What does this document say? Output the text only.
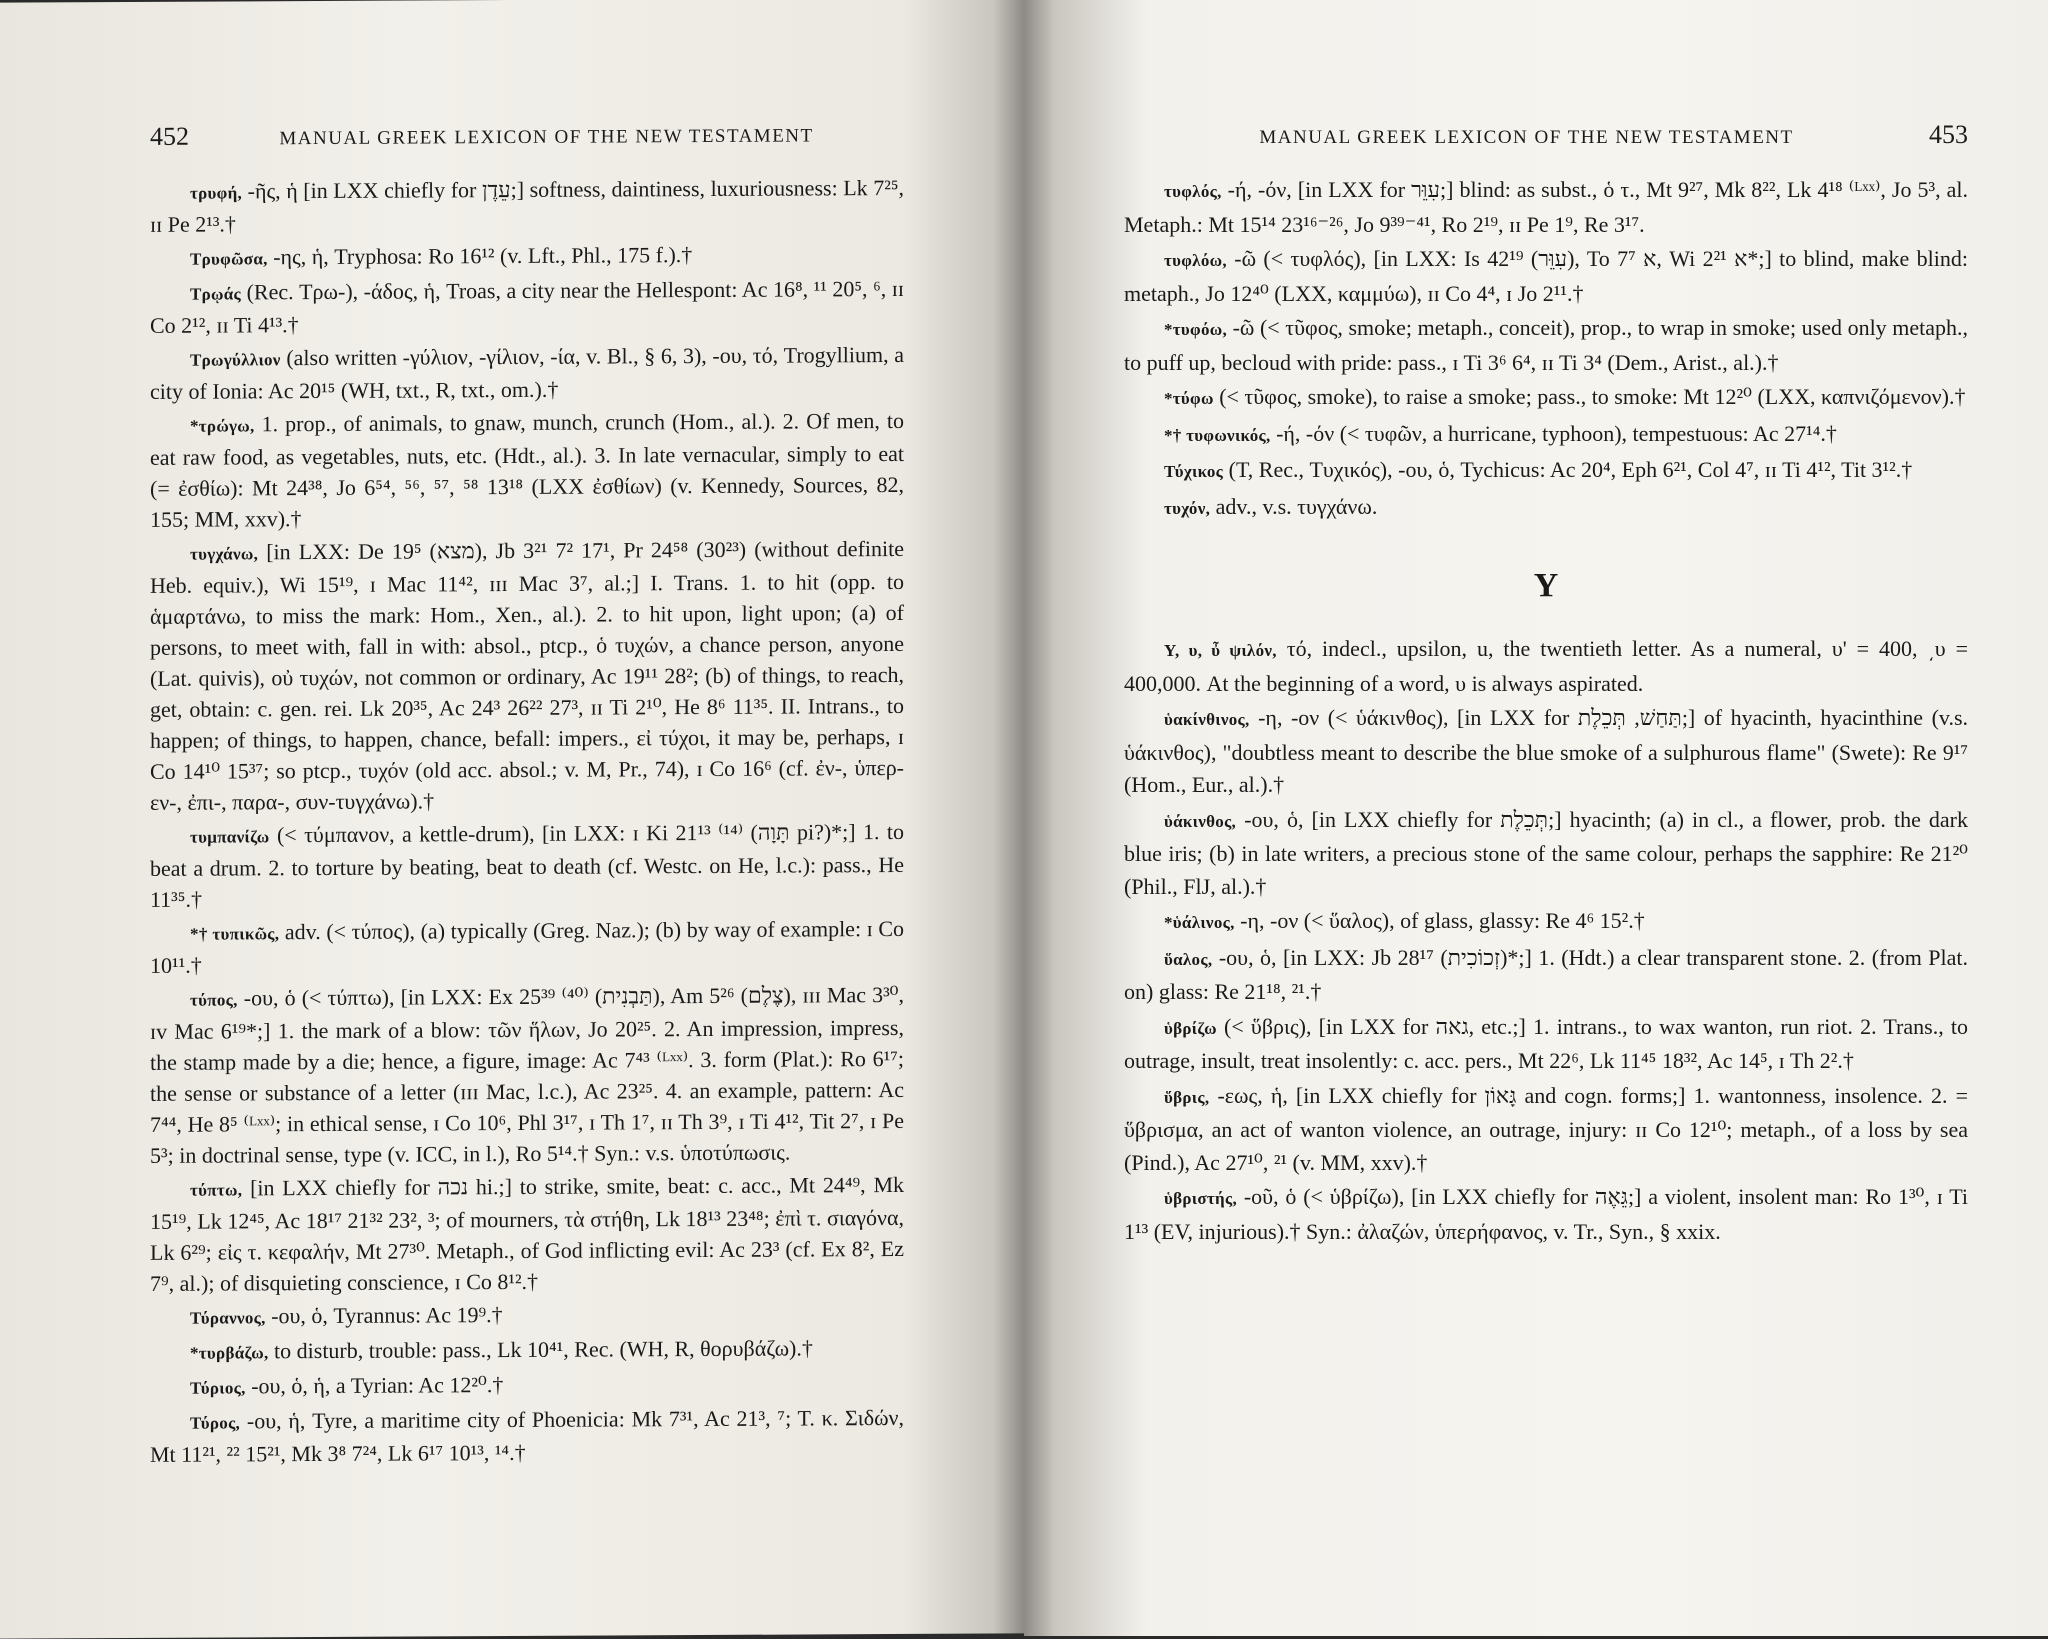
452	MANUAL GREEK LEXICON OF THE NEW TESTAMENT

τρυφή, -ῆς, ἡ [in LXX chiefly for עֵדֶן;] softness, daintiness, luxuriousness: Lk 7²⁵, ɪɪ Pe 2¹³.†

Τρυφῶσα, -ης, ἡ, Tryphosa: Ro 16¹² (v. Lft., Phl., 175 f.).†

Τρῳάς (Rec. Τρω-), -άδος, ἡ, Troas, a city near the Hellespont: Ac 16⁸, ¹¹ 20⁵, ⁶, ɪɪ Co 2¹², ɪɪ Ti 4¹³.†

Τρωγύλλιον (also written -γύλιον, -γίλιον, -ία, v. Bl., § 6, 3), -ου, τό, Trogyllium, a city of Ionia: Ac 20¹⁵ (WH, txt., R, txt., om.).†

*τρώγω, 1. prop., of animals, to gnaw, munch, crunch (Hom., al.). 2. Of men, to eat raw food, as vegetables, nuts, etc. (Hdt., al.). 3. In late vernacular, simply to eat (= ἐσθίω): Mt 24³⁸, Jo 6⁵⁴, ⁵⁶, ⁵⁷, ⁵⁸ 13¹⁸ (LXX ἐσθίων) (v. Kennedy, Sources, 82, 155; MM, xxv).†

τυγχάνω, [in LXX: De 19⁵ (מצא), Jb 3²¹ 7² 17¹, Pr 24⁵⁸ (30²³) (without definite Heb. equiv.), Wi 15¹⁹, ɪ Mac 11⁴², ɪɪɪ Mac 3⁷, al.;] I. Trans. 1. to hit (opp. to ἁμαρτάνω, to miss the mark: Hom., Xen., al.). 2. to hit upon, light upon; (a) of persons, to meet with, fall in with: absol., ptcp., ὁ τυχών, a chance person, anyone (Lat. quivis), οὐ τυχών, not common or ordinary, Ac 19¹¹ 28²; (b) of things, to reach, get, obtain: c. gen. rei. Lk 20³⁵, Ac 24³ 26²² 27³, ɪɪ Ti 2¹⁰, He 8⁶ 11³⁵. II. Intrans., to happen; of things, to happen, chance, befall: impers., εἰ τύχοι, it may be, perhaps, ɪ Co 14¹⁰ 15³⁷; so ptcp., τυχόν (old acc. absol.; v. M, Pr., 74), ɪ Co 16⁶ (cf. ἐν-, ὑπερ-εν-, ἐπι-, παρα-, συν-τυγχάνω).†

τυμπανίζω (< τύμπανον, a kettle-drum), [in LXX: ɪ Ki 21¹³ ⁽¹⁴⁾ (תָּוָה pi?)*;] 1. to beat a drum. 2. to torture by beating, beat to death (cf. Westc. on He, l.c.): pass., He 11³⁵.†

*† τυπικῶς, adv. (< τύπος), (a) typically (Greg. Naz.); (b) by way of example: ɪ Co 10¹¹.†

τύπος, -ου, ὁ (< τύπτω), [in LXX: Ex 25³⁹ ⁽⁴⁰⁾ (תַּבְנִית), Am 5²⁶ (צֶלֶם), ɪɪɪ Mac 3³⁰, ɪᴠ Mac 6¹⁹*;] 1. the mark of a blow: τῶν ἥλων, Jo 20²⁵. 2. An impression, impress, the stamp made by a die; hence, a figure, image: Ac 7⁴³ ⁽ᴸˣˣ⁾. 3. form (Plat.): Ro 6¹⁷; the sense or substance of a letter (ɪɪɪ Mac, l.c.), Ac 23²⁵. 4. an example, pattern: Ac 7⁴⁴, He 8⁵ ⁽ᴸˣˣ⁾; in ethical sense, ɪ Co 10⁶, Phl 3¹⁷, ɪ Th 1⁷, ɪɪ Th 3⁹, ɪ Ti 4¹², Tit 2⁷, ɪ Pe 5³; in doctrinal sense, type (v. ICC, in l.), Ro 5¹⁴.† Syn.: v.s. ὑποτύπωσις.

τύπτω, [in LXX chiefly for נכה hi.;] to strike, smite, beat: c. acc., Mt 24⁴⁹, Mk 15¹⁹, Lk 12⁴⁵, Ac 18¹⁷ 21³² 23², ³; of mourners, τὰ στήθη, Lk 18¹³ 23⁴⁸; ἐπὶ τ. σιαγόνα, Lk 6²⁹; εἰς τ. κεφαλήν, Mt 27³⁰. Metaph., of God inflicting evil: Ac 23³ (cf. Ex 8², Ez 7⁹, al.); of disquieting conscience, ɪ Co 8¹².†

Τύραννος, -ου, ὁ, Tyrannus: Ac 19⁹.†

*τυρβάζω, to disturb, trouble: pass., Lk 10⁴¹, Rec. (WH, R, θορυβάζω).†

Τύριος, -ου, ὁ, ἡ, a Tyrian: Ac 12²⁰.†

Τύρος, -ου, ἡ, Tyre, a maritime city of Phoenicia: Mk 7³¹, Ac 21³, ⁷; T. κ. Σιδών, Mt 11²¹, ²² 15²¹, Mk 3⁸ 7²⁴, Lk 6¹⁷ 10¹³, ¹⁴.†

MANUAL GREEK LEXICON OF THE NEW TESTAMENT	453

τυφλός, -ή, -όν, [in LXX for עִוֵּר;] blind: as subst., ὁ τ., Mt 9²⁷, Mk 8²², Lk 4¹⁸ ⁽ᴸˣˣ⁾, Jo 5³, al. Metaph.: Mt 15¹⁴ 23¹⁶⁻²⁶, Jo 9³⁹⁻⁴¹, Ro 2¹⁹, ɪɪ Pe 1⁹, Re 3¹⁷.

τυφλόω, -ῶ (< τυφλός), [in LXX: Is 42¹⁹ (עִוֵּר), To 7⁷ א, Wi 2²¹ א*;] to blind, make blind: metaph., Jo 12⁴⁰ (LXX, καμμύω), ɪɪ Co 4⁴, ɪ Jo 2¹¹.†

*τυφόω, -ῶ (< τῦφος, smoke; metaph., conceit), prop., to wrap in smoke; used only metaph., to puff up, becloud with pride: pass., ɪ Ti 3⁶ 6⁴, ɪɪ Ti 3⁴ (Dem., Arist., al.).†

*τύφω (< τῦφος, smoke), to raise a smoke; pass., to smoke: Mt 12²⁰ (LXX, καπνιζόμενον).†

*† τυφωνικός, -ή, -όν (< τυφῶν, a hurricane, typhoon), tempestuous: Ac 27¹⁴.†

Τύχικος (T, Rec., Τυχικός), -ου, ὁ, Tychicus: Ac 20⁴, Eph 6²¹, Col 4⁷, ɪɪ Ti 4¹², Tit 3¹².†

τυχόν, adv., v.s. τυγχάνω.

Υ

Υ, υ, ὖ ψιλόν, τό, indecl., upsilon, u, the twentieth letter. As a numeral, υ' = 400, ͵υ = 400,000. At the beginning of a word, υ is always aspirated.

ὑακίνθινος, -η, -ον (< ὑάκινθος), [in LXX for תַּחַשׁ, תְּכֵלֶת;] of hyacinth, hyacinthine (v.s. ὑάκινθος), "doubtless meant to describe the blue smoke of a sulphurous flame" (Swete): Re 9¹⁷ (Hom., Eur., al.).†

ὑάκινθος, -ου, ὁ, [in LXX chiefly for תְּכֵלֶת;] hyacinth; (a) in cl., a flower, prob. the dark blue iris; (b) in late writers, a precious stone of the same colour, perhaps the sapphire: Re 21²⁰ (Phil., FlJ, al.).†

*ὑάλινος, -η, -ον (< ὕαλος), of glass, glassy: Re 4⁶ 15².†

ὕαλος, -ου, ὁ, [in LXX: Jb 28¹⁷ (זְכוֹכִית)*;] 1. (Hdt.) a clear transparent stone. 2. (from Plat. on) glass: Re 21¹⁸, ²¹.†

ὑβρίζω (< ὕβρις), [in LXX for גאה, etc.;] 1. intrans., to wax wanton, run riot. 2. Trans., to outrage, insult, treat insolently: c. acc. pers., Mt 22⁶, Lk 11⁴⁵ 18³², Ac 14⁵, ɪ Th 2².†

ὕβρις, -εως, ἡ, [in LXX chiefly for גָּאוֹן and cogn. forms;] 1. wantonness, insolence. 2. = ὕβρισμα, an act of wanton violence, an outrage, injury: ɪɪ Co 12¹⁰; metaph., of a loss by sea (Pind.), Ac 27¹⁰, ²¹ (v. MM, xxv).†

ὑβριστής, -οῦ, ὁ (< ὑβρίζω), [in LXX chiefly for גֵּאֶה;] a violent, insolent man: Ro 1³⁰, ɪ Ti 1¹³ (EV, injurious).† Syn.: ἀλαζών, ὑπερήφανος, v. Tr., Syn., § xxix.
